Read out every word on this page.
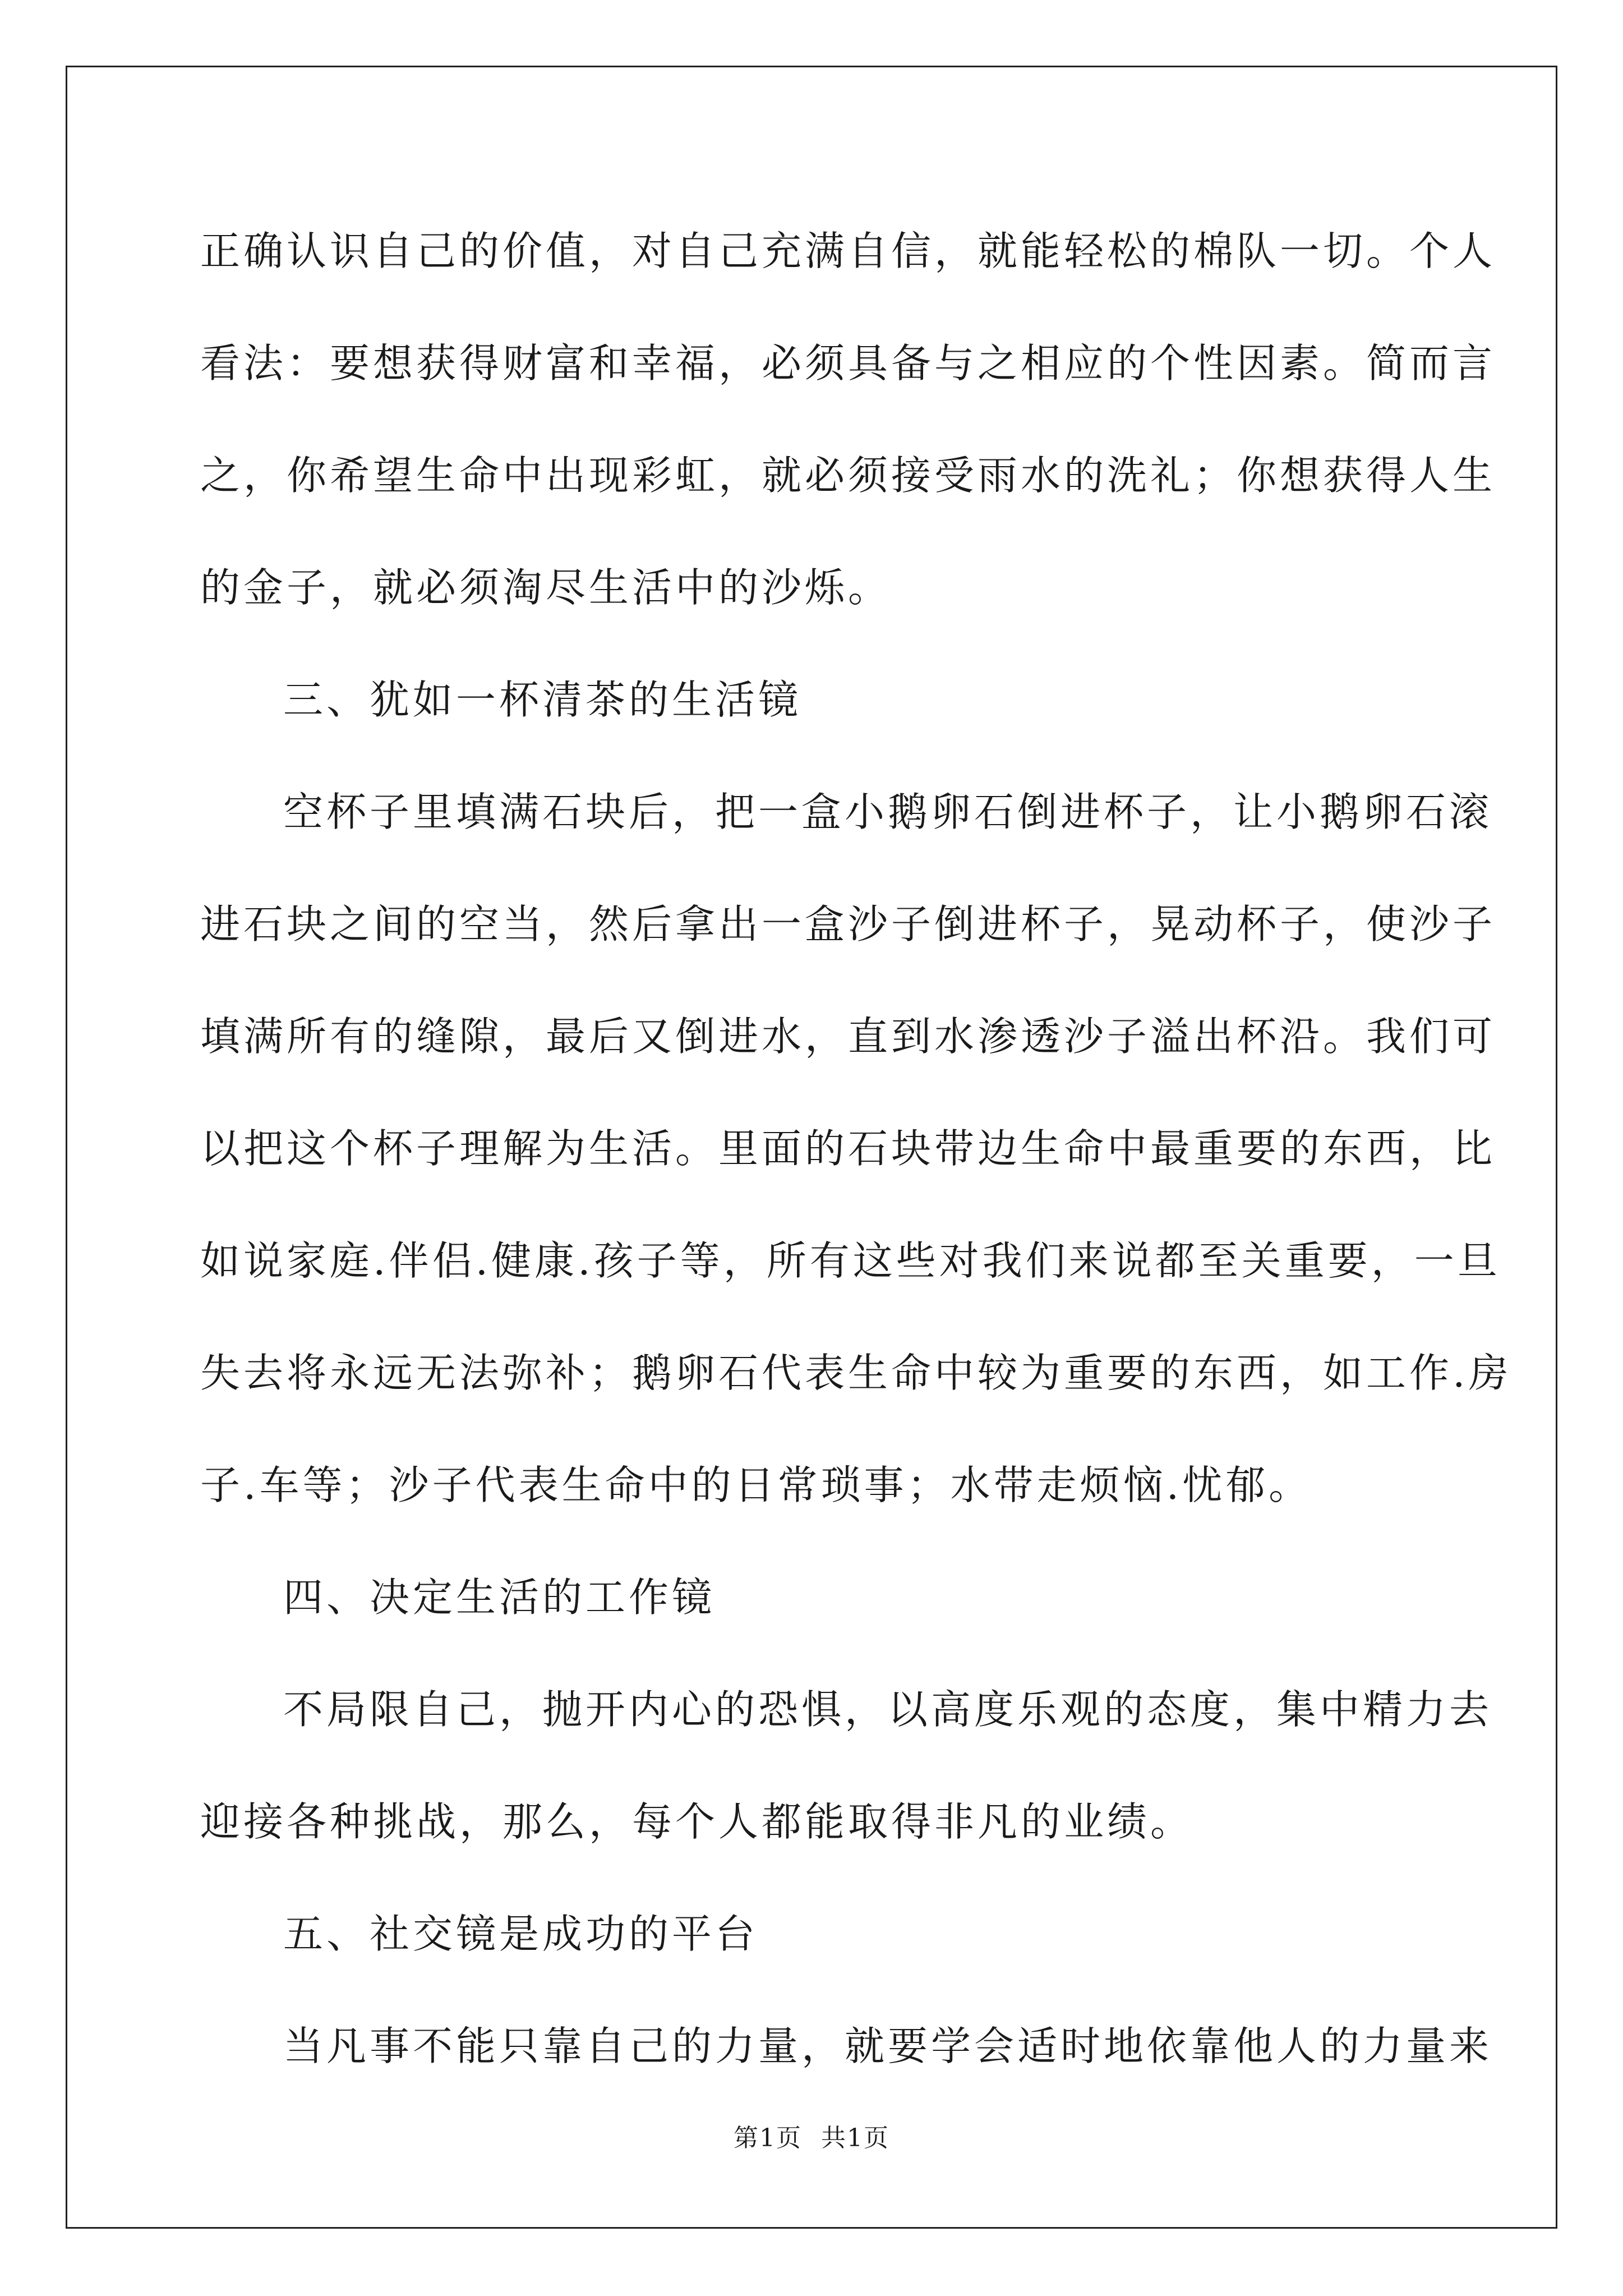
正确认识自己的价值，对自己充满自信，就能轻松的棉队一切。个人
看法：要想获得财富和幸福，必须具备与之相应的个性因素。简而言
之，你希望生命中出现彩虹，就必须接受雨水的洗礼；你想获得人生
的金子，就必须淘尽生活中的沙烁。
三、犹如一杯清茶的生活镜
空杯子里填满石块后，把一盒小鹅卵石倒进杯子，让小鹅卵石滚
进石块之间的空当，然后拿出一盒沙子倒进杯子，晃动杯子，使沙子
填满所有的缝隙，最后又倒进水，直到水渗透沙子溢出杯沿。我们可
以把这个杯子理解为生活。里面的石块带边生命中最重要的东西，比
如说家庭.伴侣.健康.孩子等，所有这些对我们来说都至关重要，一旦
失去将永远无法弥补；鹅卵石代表生命中较为重要的东西，如工作.房
子.车等；沙子代表生命中的日常琐事；水带走烦恼.忧郁。
四、决定生活的工作镜
不局限自己，抛开内心的恐惧，以高度乐观的态度，集中精力去
迎接各种挑战，那么，每个人都能取得非凡的业绩。
五、社交镜是成功的平台
当凡事不能只靠自己的力量，就要学会适时地依靠他人的力量来
第1页 共1页
